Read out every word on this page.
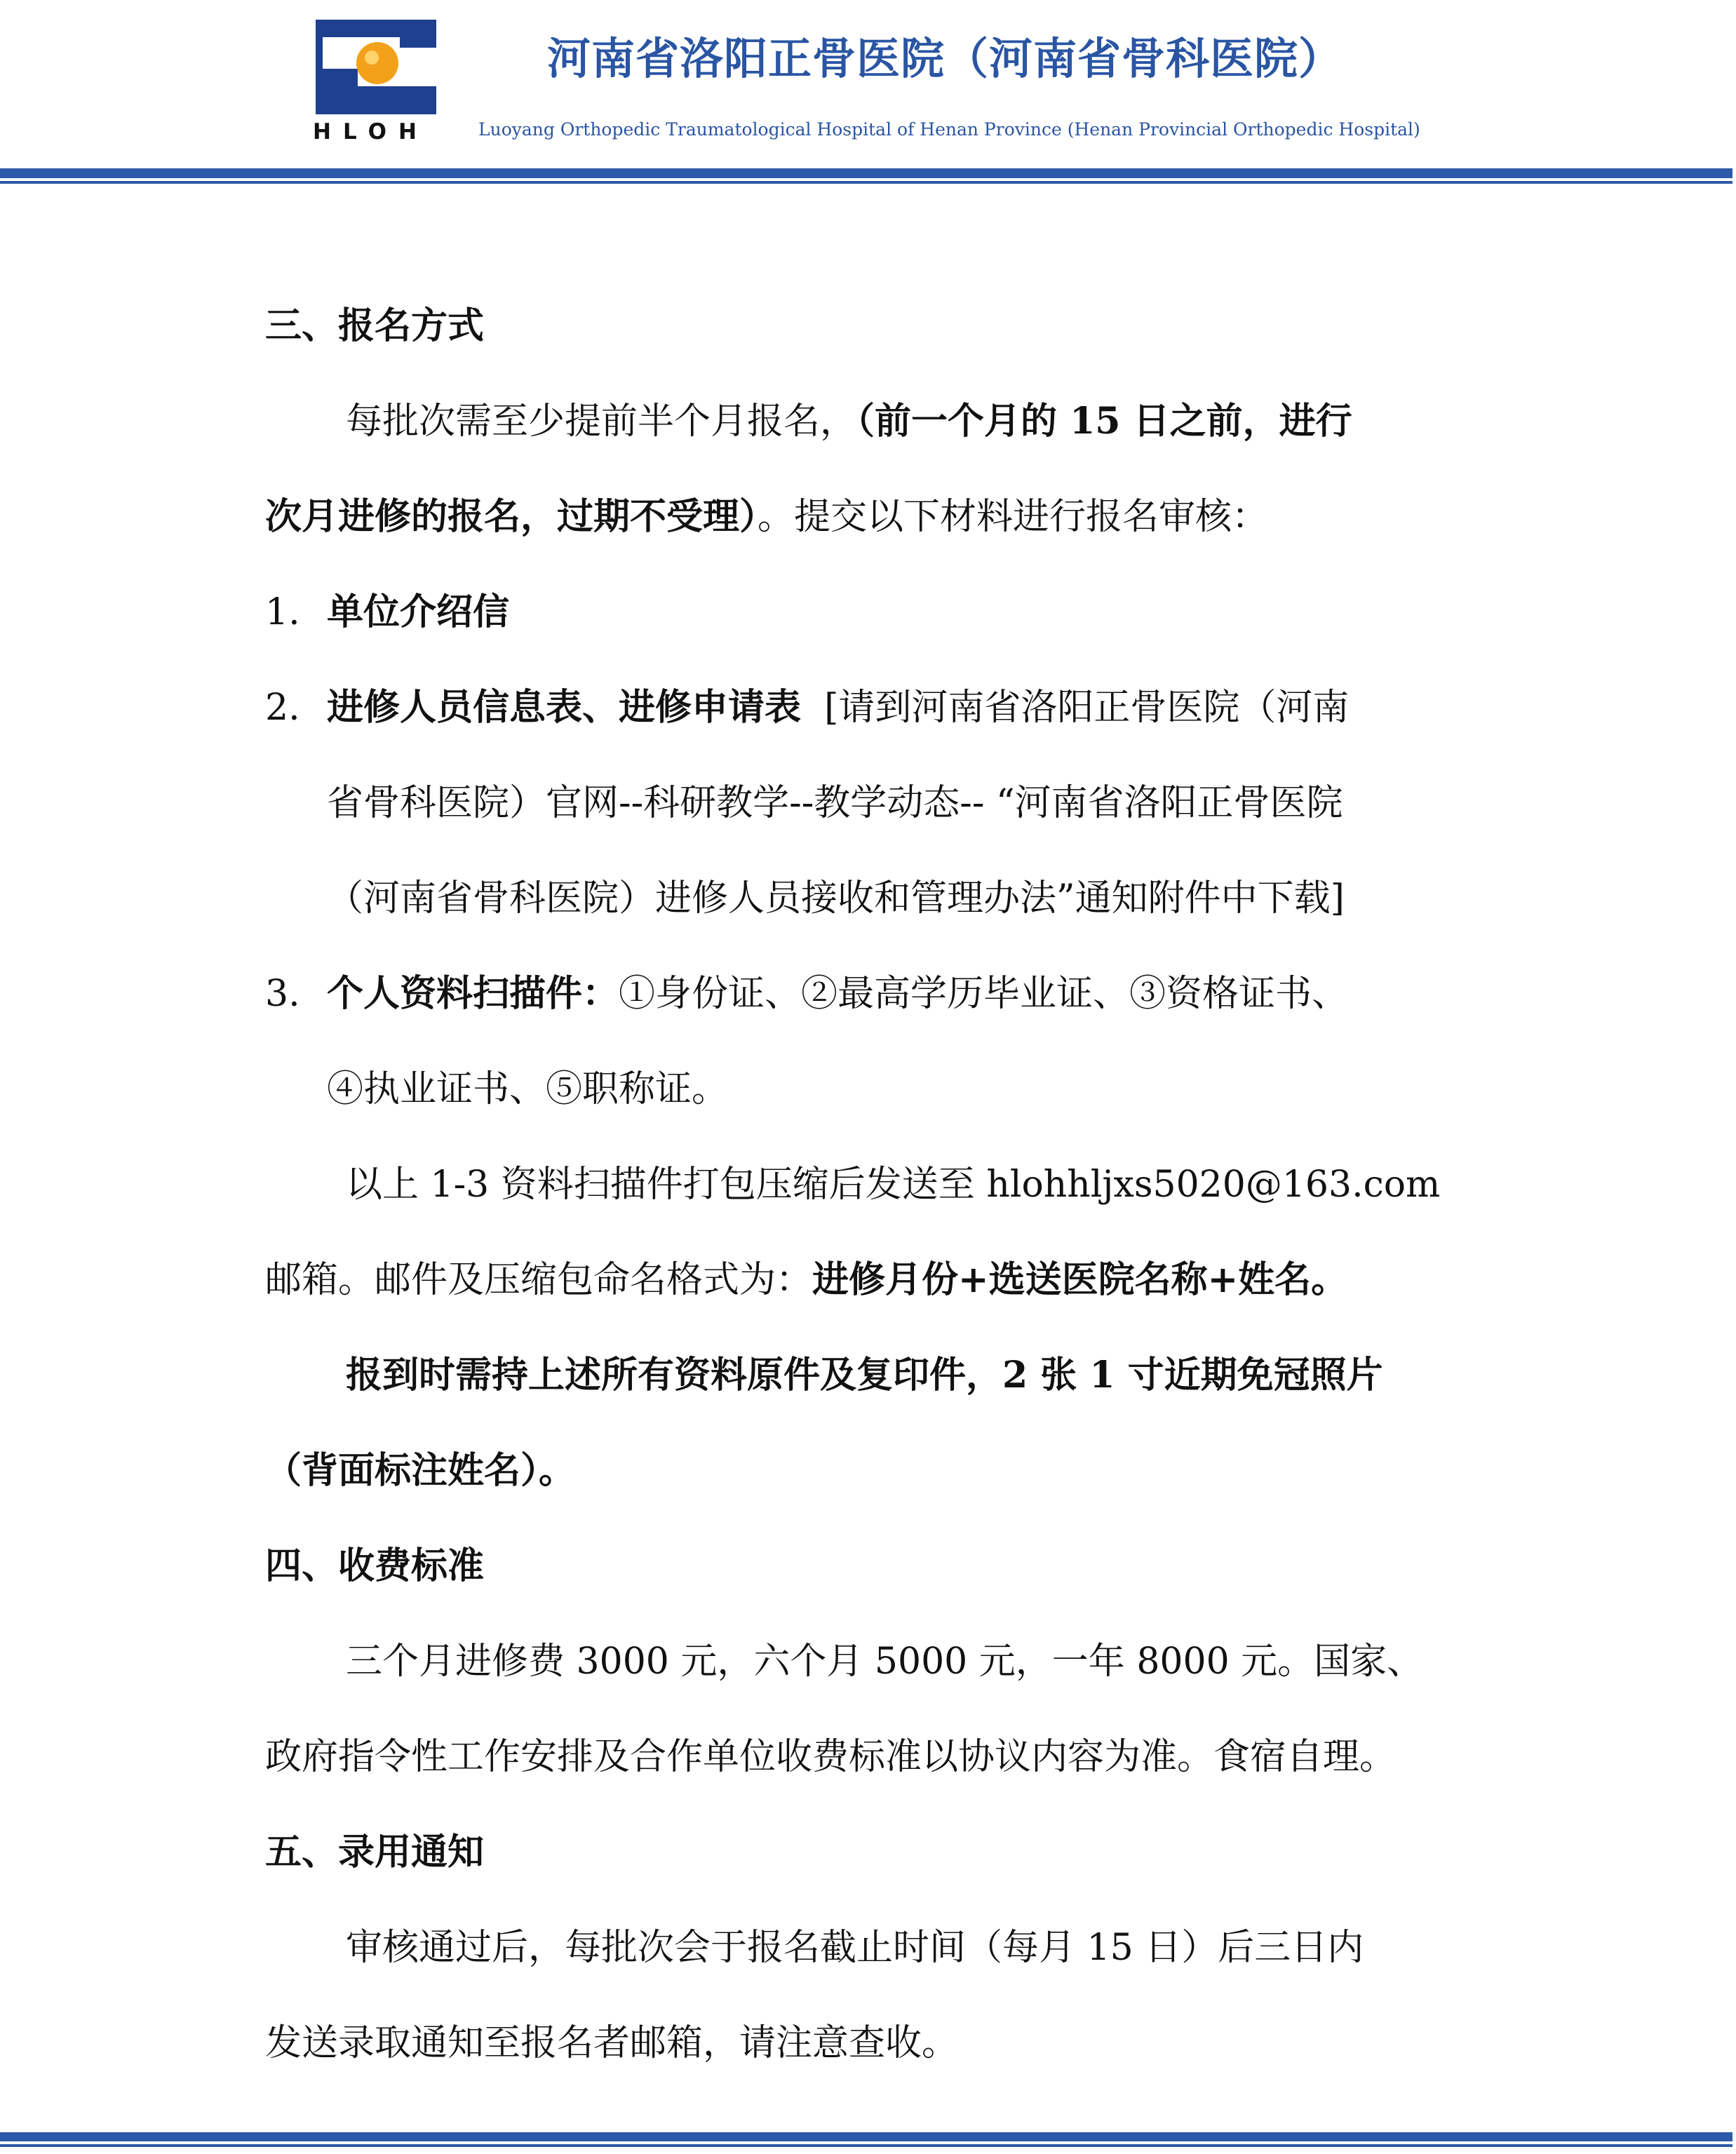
HLOH
河南省洛阳正骨医院（河南省骨科医院）
Luoyang Orthopedic Traumatological Hospital of Henan Province (Henan Provincial Orthopedic Hospital)
三、报名方式
每批次需至少提前半个月报名，（前一个月的 15 日之前，进行
次月进修的报名，过期不受理）。提交以下材料进行报名审核：
1. 单位介绍信
2. 进修人员信息表、进修申请表 [请到河南省洛阳正骨医院（河南
省骨科医院）官网--科研教学--教学动态-- “河南省洛阳正骨医院
（河南省骨科医院）进修人员接收和管理办法”通知附件中下载]
3. 个人资料扫描件：①身份证、②最高学历毕业证、③资格证书、
④执业证书、⑤职称证。
以上 1-3 资料扫描件打包压缩后发送至 hlohhljxs5020@163.com
邮箱。邮件及压缩包命名格式为：进修月份+选送医院名称+姓名。
报到时需持上述所有资料原件及复印件，2 张 1 寸近期免冠照片
（背面标注姓名）。
四、收费标准
三个月进修费 3000 元，六个月 5000 元，一年 8000 元。国家、
政府指令性工作安排及合作单位收费标准以协议内容为准。食宿自理。
五、录用通知
审核通过后，每批次会于报名截止时间（每月 15 日）后三日内
发送录取通知至报名者邮箱，请注意查收。
